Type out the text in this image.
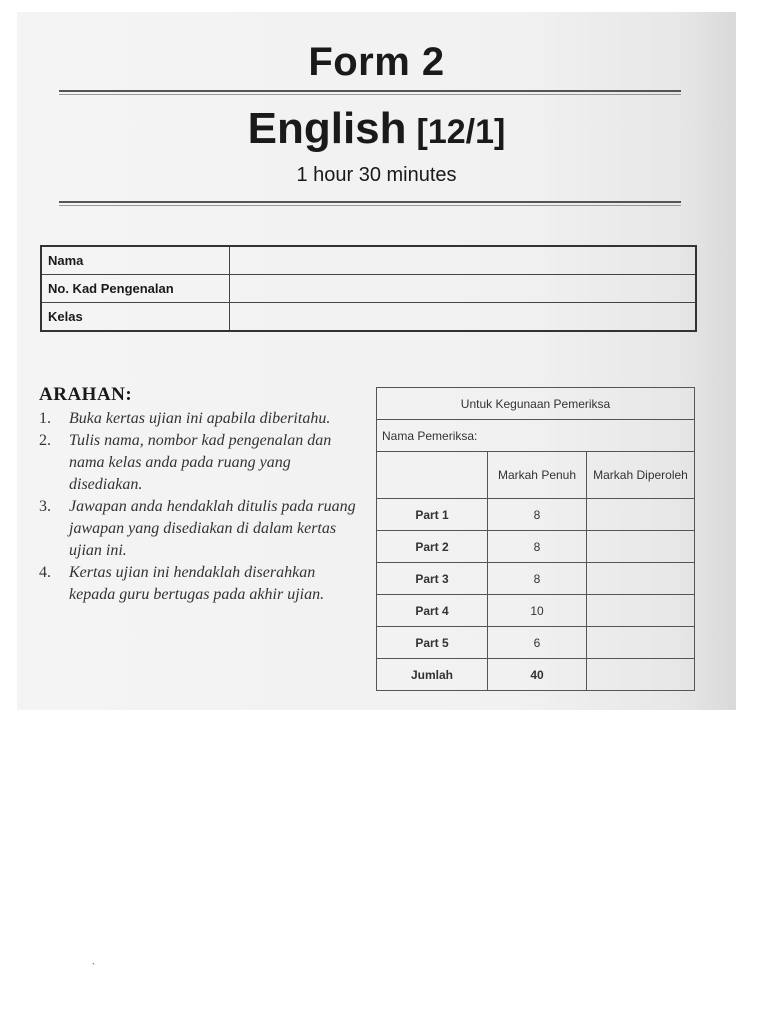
Form 2
English [12/1]
1 hour 30 minutes
Nama	
No. Kad Pengenalan	
Kelas	
ARAHAN:
1. Buka kertas ujian ini apabila diberitahu.
2. Tulis nama, nombor kad pengenalan dan nama kelas anda pada ruang yang disediakan.
3. Jawapan anda hendaklah ditulis pada ruang jawapan yang disediakan di dalam kertas ujian ini.
4. Kertas ujian ini hendaklah diserahkan kepada guru bertugas pada akhir ujian.
Untuk Kegunaan Pemeriksa		
Nama Pemeriksa:		
	Markah Penuh	Markah Diperoleh
Part 1	8	
Part 2	8	
Part 3	8	
Part 4	10	
Part 5	6	
Jumlah	40	
`
